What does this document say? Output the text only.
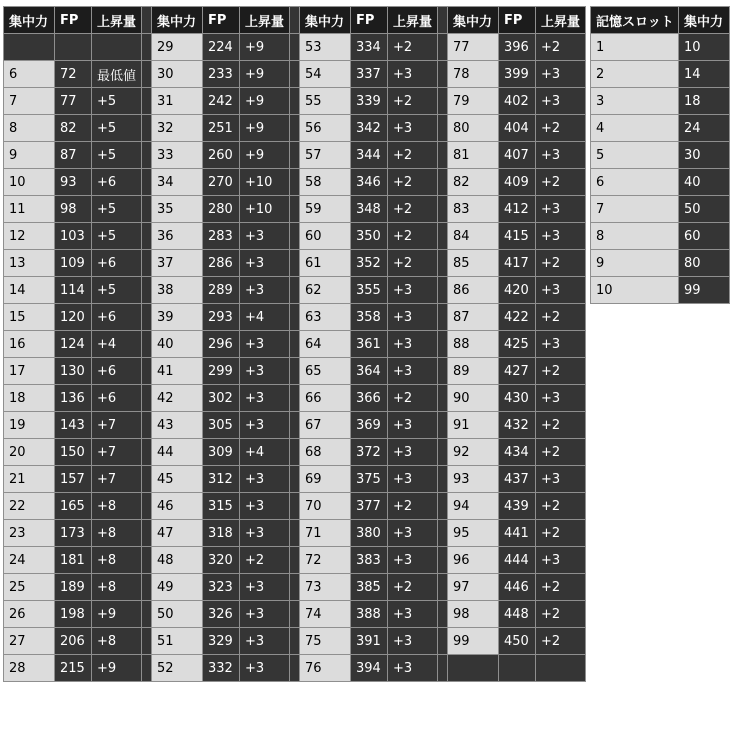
集中力	FP	上昇量		集中力	FP	上昇量		集中力	FP	上昇量		集中力	FP	上昇量
				29	224	+9		53	334	+2		77	396	+2
6	72	最低値		30	233	+9		54	337	+3		78	399	+3
7	77	+5		31	242	+9		55	339	+2		79	402	+3
8	82	+5		32	251	+9		56	342	+3		80	404	+2
9	87	+5		33	260	+9		57	344	+2		81	407	+3
10	93	+6		34	270	+10		58	346	+2		82	409	+2
11	98	+5		35	280	+10		59	348	+2		83	412	+3
12	103	+5		36	283	+3		60	350	+2		84	415	+3
13	109	+6		37	286	+3		61	352	+2		85	417	+2
14	114	+5		38	289	+3		62	355	+3		86	420	+3
15	120	+6		39	293	+4		63	358	+3		87	422	+2
16	124	+4		40	296	+3		64	361	+3		88	425	+3
17	130	+6		41	299	+3		65	364	+3		89	427	+2
18	136	+6		42	302	+3		66	366	+2		90	430	+3
19	143	+7		43	305	+3		67	369	+3		91	432	+2
20	150	+7		44	309	+4		68	372	+3		92	434	+2
21	157	+7		45	312	+3		69	375	+3		93	437	+3
22	165	+8		46	315	+3		70	377	+2		94	439	+2
23	173	+8		47	318	+3		71	380	+3		95	441	+2
24	181	+8		48	320	+2		72	383	+3		96	444	+3
25	189	+8		49	323	+3		73	385	+2		97	446	+2
26	198	+9		50	326	+3		74	388	+3		98	448	+2
27	206	+8		51	329	+3		75	391	+3		99	450	+2
28	215	+9		52	332	+3		76	394	+3				
記憶スロット	集中力
1	10
2	14
3	18
4	24
5	30
6	40
7	50
8	60
9	80
10	99
